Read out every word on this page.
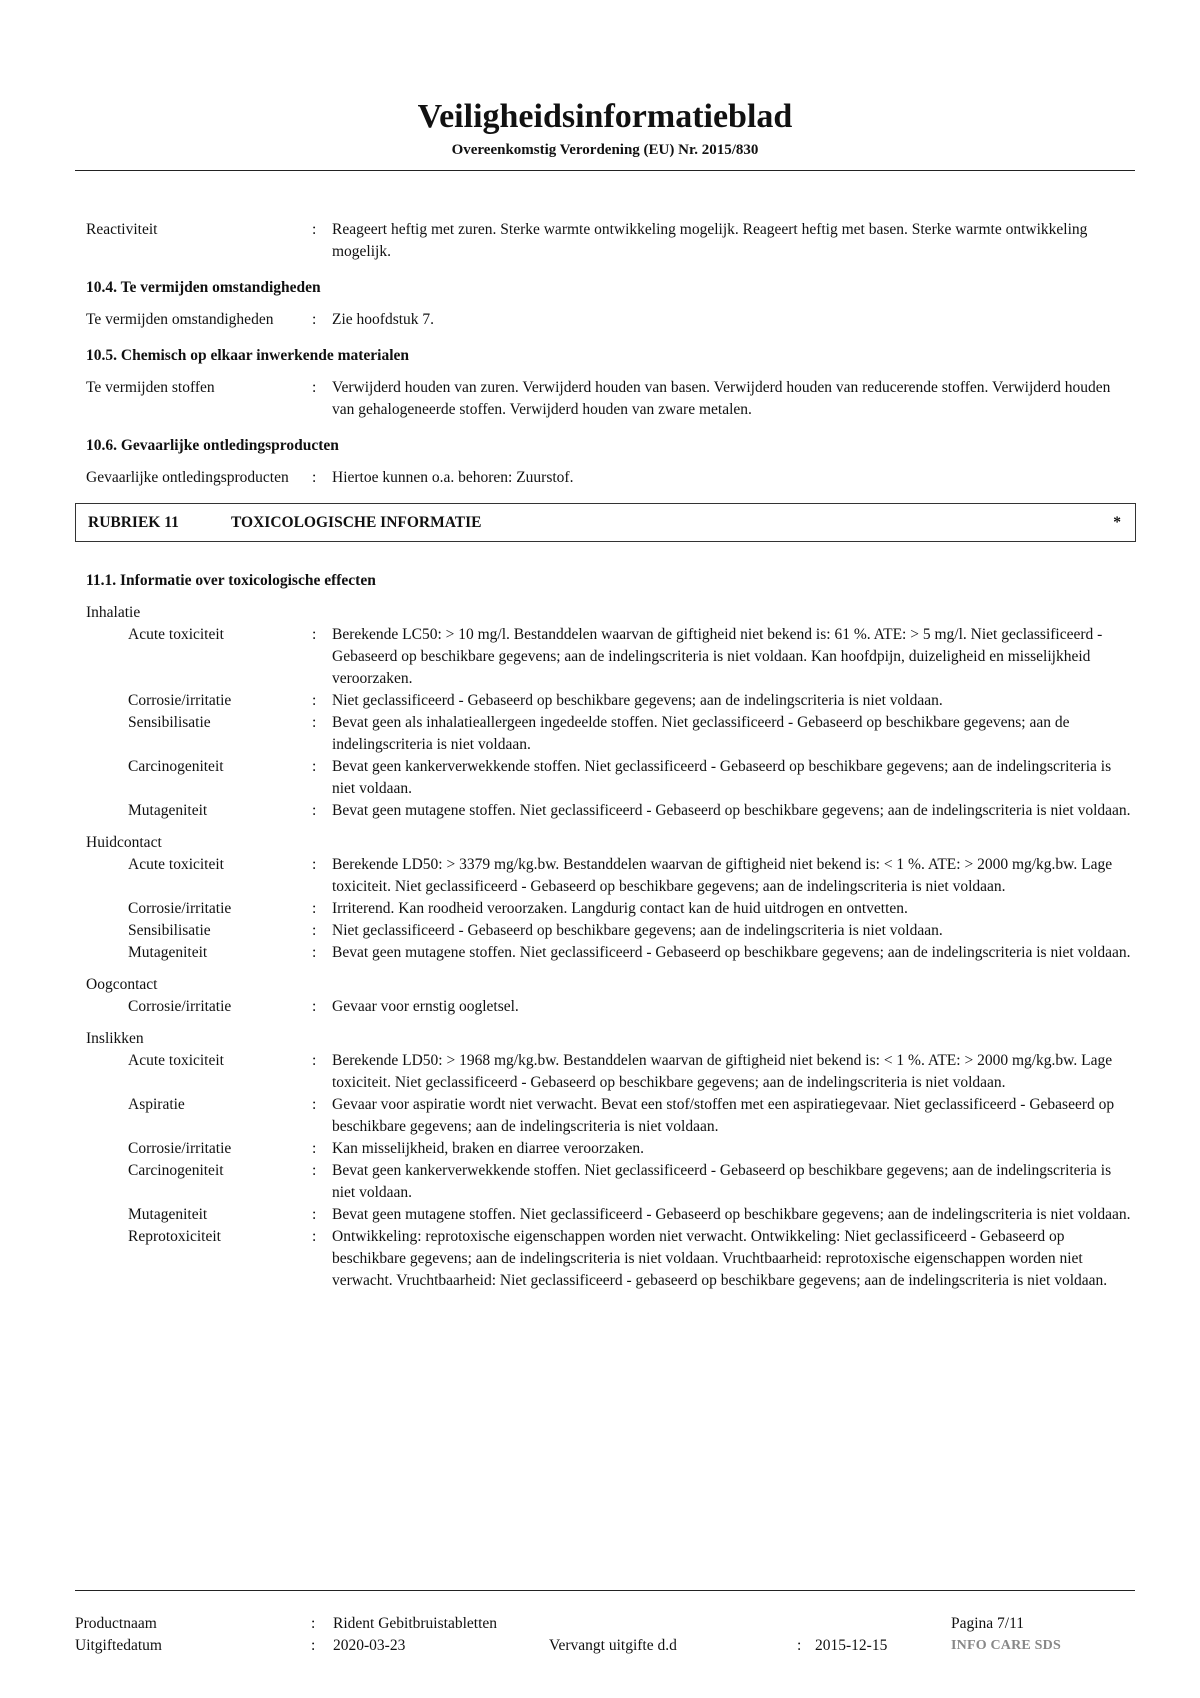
Veiligheidsinformatieblad
Overeenkomstig Verordening (EU) Nr. 2015/830
Reactiviteit	:	Reageert heftig met zuren. Sterke warmte ontwikkeling mogelijk. Reageert heftig met basen. Sterke warmte ontwikkeling mogelijk.
10.4. Te vermijden omstandigheden
Te vermijden omstandigheden	:	Zie hoofdstuk 7.
10.5. Chemisch op elkaar inwerkende materialen
Te vermijden stoffen	:	Verwijderd houden van zuren. Verwijderd houden van basen. Verwijderd houden van reducerende stoffen. Verwijderd houden van gehalogeneerde stoffen. Verwijderd houden van zware metalen.
10.6. Gevaarlijke ontledingsproducten
Gevaarlijke ontledingsproducten	:	Hiertoe kunnen o.a. behoren: Zuurstof.
RUBRIEK 11	TOXICOLOGISCHE INFORMATIE	*
11.1. Informatie over toxicologische effecten
Inhalatie
Acute toxiciteit	:	Berekende LC50: > 10 mg/l. Bestanddelen waarvan de giftigheid niet bekend is: 61 %. ATE: > 5 mg/l. Niet geclassificeerd - Gebaseerd op beschikbare gegevens; aan de indelingscriteria is niet voldaan. Kan hoofdpijn, duizeligheid en misselijkheid veroorzaken.
Corrosie/irritatie	:	Niet geclassificeerd - Gebaseerd op beschikbare gegevens; aan de indelingscriteria is niet voldaan.
Sensibilisatie	:	Bevat geen als inhalatieallergeen ingedeelde stoffen. Niet geclassificeerd - Gebaseerd op beschikbare gegevens; aan de indelingscriteria is niet voldaan.
Carcinogeniteit	:	Bevat geen kankerverwekkende stoffen. Niet geclassificeerd - Gebaseerd op beschikbare gegevens; aan de indelingscriteria is niet voldaan.
Mutageniteit	:	Bevat geen mutagene stoffen. Niet geclassificeerd - Gebaseerd op beschikbare gegevens; aan de indelingscriteria is niet voldaan.
Huidcontact
Acute toxiciteit	:	Berekende LD50: > 3379 mg/kg.bw. Bestanddelen waarvan de giftigheid niet bekend is: < 1 %. ATE: > 2000 mg/kg.bw. Lage toxiciteit. Niet geclassificeerd - Gebaseerd op beschikbare gegevens; aan de indelingscriteria is niet voldaan.
Corrosie/irritatie	:	Irriterend. Kan roodheid veroorzaken. Langdurig contact kan de huid uitdrogen en ontvetten.
Sensibilisatie	:	Niet geclassificeerd - Gebaseerd op beschikbare gegevens; aan de indelingscriteria is niet voldaan.
Mutageniteit	:	Bevat geen mutagene stoffen. Niet geclassificeerd - Gebaseerd op beschikbare gegevens; aan de indelingscriteria is niet voldaan.
Oogcontact
Corrosie/irritatie	:	Gevaar voor ernstig oogletsel.
Inslikken
Acute toxiciteit	:	Berekende LD50: > 1968 mg/kg.bw. Bestanddelen waarvan de giftigheid niet bekend is: < 1 %. ATE: > 2000 mg/kg.bw. Lage toxiciteit. Niet geclassificeerd - Gebaseerd op beschikbare gegevens; aan de indelingscriteria is niet voldaan.
Aspiratie	:	Gevaar voor aspiratie wordt niet verwacht. Bevat een stof/stoffen met een aspiratiegevaar. Niet geclassificeerd - Gebaseerd op beschikbare gegevens; aan de indelingscriteria is niet voldaan.
Corrosie/irritatie	:	Kan misselijkheid, braken en diarree veroorzaken.
Carcinogeniteit	:	Bevat geen kankerverwekkende stoffen. Niet geclassificeerd - Gebaseerd op beschikbare gegevens; aan de indelingscriteria is niet voldaan.
Mutageniteit	:	Bevat geen mutagene stoffen. Niet geclassificeerd - Gebaseerd op beschikbare gegevens; aan de indelingscriteria is niet voldaan.
Reprotoxiciteit	:	Ontwikkeling: reprotoxische eigenschappen worden niet verwacht. Ontwikkeling: Niet geclassificeerd - Gebaseerd op beschikbare gegevens; aan de indelingscriteria is niet voldaan. Vruchtbaarheid: reprotoxische eigenschappen worden niet verwacht. Vruchtbaarheid: Niet geclassificeerd - gebaseerd op beschikbare gegevens; aan de indelingscriteria is niet voldaan.
Productnaam	: Rident Gebitbruistabletten	Pagina 7/11
Uitgiftedatum	: 2020-03-23	Vervangt uitgifte d.d	: 2015-12-15	INFO CARE SDS
